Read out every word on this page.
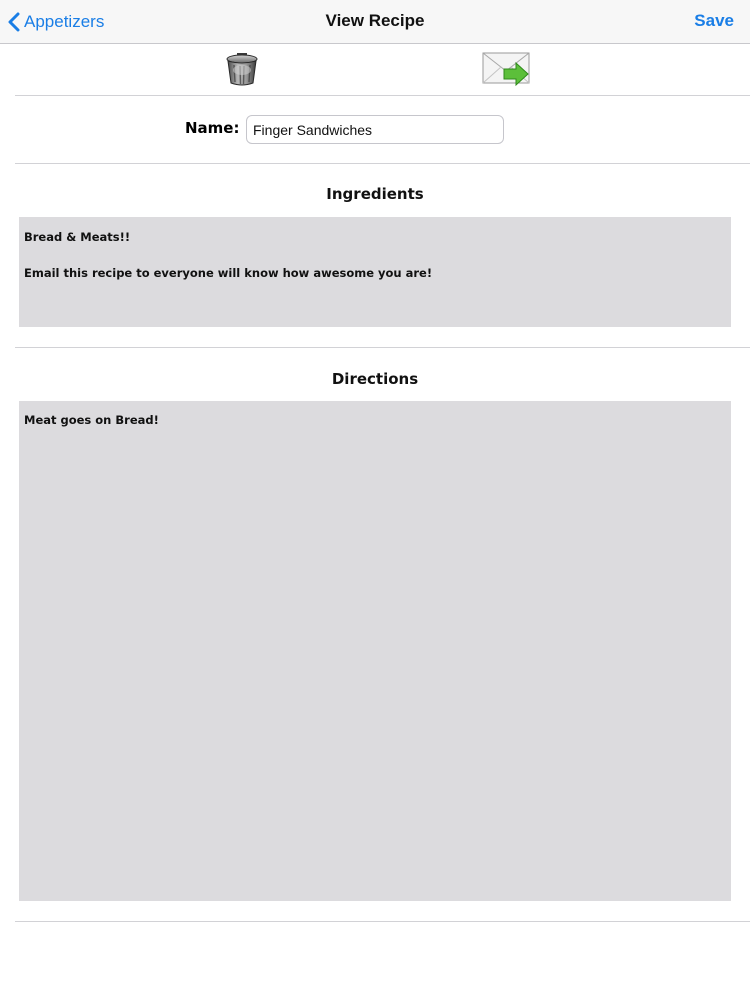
Appetizers	View Recipe	Save
Name:
Finger Sandwiches
Ingredients
Bread & Meats!!

Email this recipe to everyone will know how awesome you are!
Directions
Meat goes on Bread!
